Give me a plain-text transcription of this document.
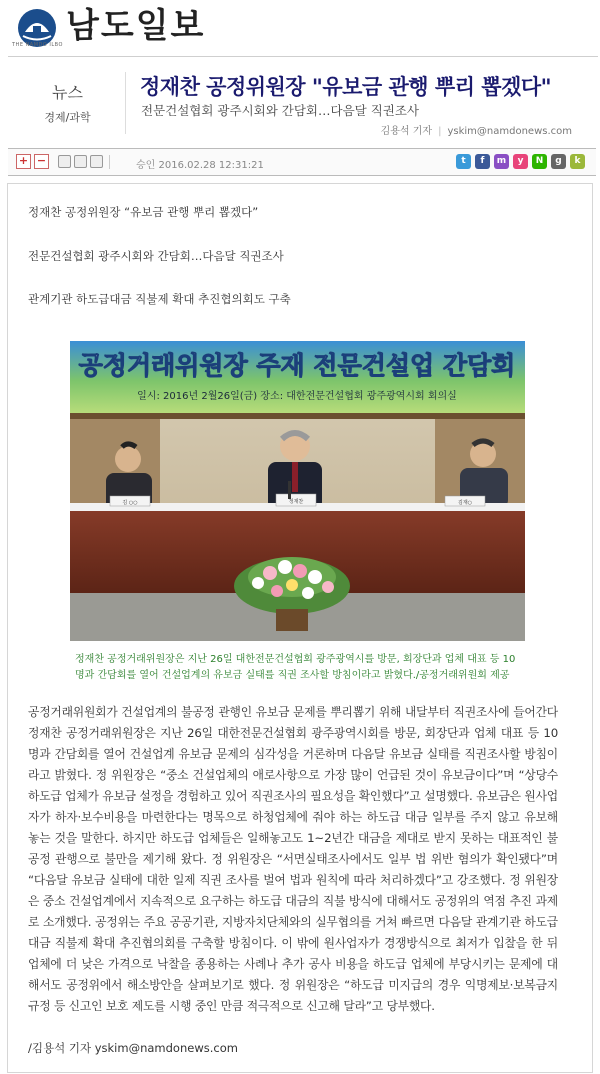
THE NAMDO ILBO 남도일보
뉴스
경제/과학
정재찬 공정위원장 "유보금 관행 뿌리 뽑겠다"
전문건설협회 광주시회와 간담회…다음달 직권조사
김용석 기자 | yskim@namdonews.com
+ −	승인 2016.02.28 12:31:21	t	f	m	y	N	g	k
정재찬 공정위원장 “유보금 관행 뿌리 뽑겠다”
전문건설협회 광주시회와 간담회…다음달 직권조사
관계기관 하도급대금 직불제 확대 추진협의회도 구축
공정거래위원장 주재 전문건설업 간담회
일시: 2016년 2월26일(금) 장소: 대한전문건설협회 광주광역시회 회의실
김 ○○	정재찬	김재○
정재찬 공정거래위원장은 지난 26일 대한전문건설협회 광주광역시를 방문, 회장단과 업체 대표 등 10명과 간담회를 열어 건설업계의 유보금 실태를 직권 조사할 방침이라고 밝혔다./공정거래위원회 제공
공정거래위원회가 건설업계의 불공정 관행인 유보금 문제를 뿌리뽑기 위해 내달부터 직권조사에 들어간다 정재찬 공정거래위원장은 지난 26일 대한전문건설협회 광주광역시회를 방문, 회장단과 업체 대표 등 10명과 간담회를 열어 건설업계 유보금 문제의 심각성을 거론하며 다음달 유보금 실태를 직권조사할 방침이라고 밝혔다. 정 위원장은 “중소 건설업체의 애로사항으로 가장 많이 언급된 것이 유보금이다”며 “상당수 하도급 업체가 유보금 설정을 경험하고 있어 직권조사의 필요성을 확인했다”고 설명했다. 유보금은 원사업자가 하자·보수비용을 마련한다는 명목으로 하청업체에 줘야 하는 하도급 대금 일부를 주지 않고 유보해 놓는 것을 말한다. 하지만 하도급 업체들은 일해놓고도 1~2년간 대금을 제대로 받지 못하는 대표적인 불공정 관행으로 불만을 제기해 왔다. 정 위원장은 “서면실태조사에서도 일부 법 위반 혐의가 확인됐다”며 “다음달 유보금 실태에 대한 일제 직권 조사를 벌여 법과 원칙에 따라 처리하겠다”고 강조했다. 정 위원장은 중소 건설업계에서 지속적으로 요구하는 하도급 대금의 직불 방식에 대해서도 공정위의 역점 추진 과제로 소개했다. 공정위는 주요 공공기관, 지방자치단체와의 실무협의를 거쳐 빠르면 다음달 관계기관 하도급대금 직불제 확대 추진협의회를 구축할 방침이다. 이 밖에 원사업자가 경쟁방식으로 최저가 입찰을 한 뒤 업체에 더 낮은 가격으로 낙찰을 종용하는 사례나 추가 공사 비용을 하도급 업체에 부당시키는 문제에 대해서도 공정위에서 해소방안을 살펴보기로 했다. 정 위원장은 “하도급 미지급의 경우 익명제보·보복금지 규정 등 신고인 보호 제도를 시행 중인 만큼 적극적으로 신고해 달라”고 당부했다.
/김용석 기자 yskim@namdonews.com
